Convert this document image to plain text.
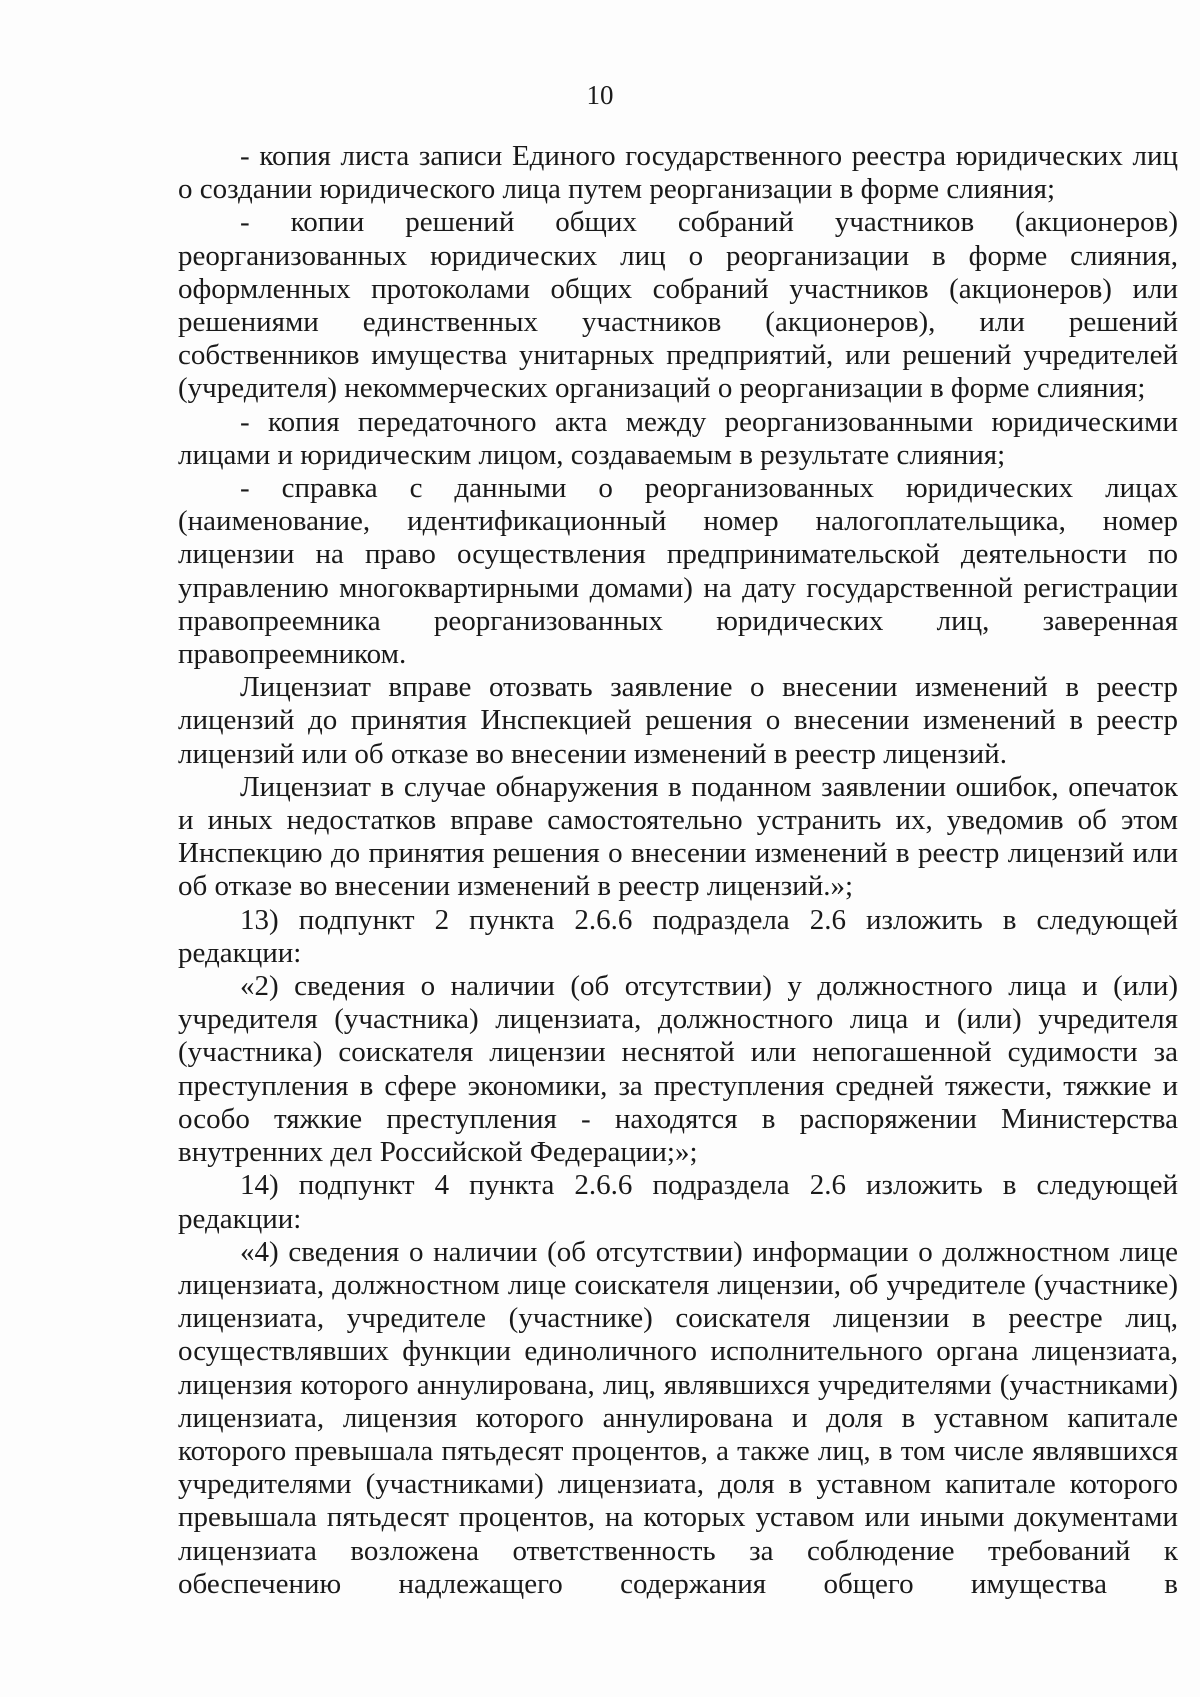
10

- копия листа записи Единого государственного реестра юридических лиц о создании юридического лица путем реорганизации в форме слияния;

- копии решений общих собраний участников (акционеров) реорганизованных юридических лиц о реорганизации в форме слияния, оформленных протоколами общих собраний участников (акционеров) или решениями единственных участников (акционеров), или решений собственников имущества унитарных предприятий, или решений учредителей (учредителя) некоммерческих организаций о реорганизации в форме слияния;

- копия передаточного акта между реорганизованными юридическими лицами и юридическим лицом, создаваемым в результате слияния;

- справка с данными о реорганизованных юридических лицах (наименование, идентификационный номер налогоплательщика, номер лицензии на право осуществления предпринимательской деятельности по управлению многоквартирными домами) на дату государственной регистрации правопреемника реорганизованных юридических лиц, заверенная правопреемником.

Лицензиат вправе отозвать заявление о внесении изменений в реестр лицензий до принятия Инспекцией решения о внесении изменений в реестр лицензий или об отказе во внесении изменений в реестр лицензий.

Лицензиат в случае обнаружения в поданном заявлении ошибок, опечаток и иных недостатков вправе самостоятельно устранить их, уведомив об этом Инспекцию до принятия решения о внесении изменений в реестр лицензий или об отказе во внесении изменений в реестр лицензий.»;

13) подпункт 2 пункта 2.6.6 подраздела 2.6 изложить в следующей редакции:

«2) сведения о наличии (об отсутствии) у должностного лица и (или) учредителя (участника) лицензиата, должностного лица и (или) учредителя (участника) соискателя лицензии неснятой или непогашенной судимости за преступления в сфере экономики, за преступления средней тяжести, тяжкие и особо тяжкие преступления - находятся в распоряжении Министерства внутренних дел Российской Федерации;»;

14) подпункт 4 пункта 2.6.6 подраздела 2.6 изложить в следующей редакции:

«4) сведения о наличии (об отсутствии) информации о должностном лице лицензиата, должностном лице соискателя лицензии, об учредителе (участнике) лицензиата, учредителе (участнике) соискателя лицензии в реестре лиц, осуществлявших функции единоличного исполнительного органа лицензиата, лицензия которого аннулирована, лиц, являвшихся учредителями (участниками) лицензиата, лицензия которого аннулирована и доля в уставном капитале которого превышала пятьдесят процентов, а также лиц, в том числе являвшихся учредителями (участниками) лицензиата, доля в уставном капитале которого превышала пятьдесят процентов, на которых уставом или иными документами лицензиата возложена ответственность за соблюдение требований к обеспечению надлежащего содержания общего имущества в
